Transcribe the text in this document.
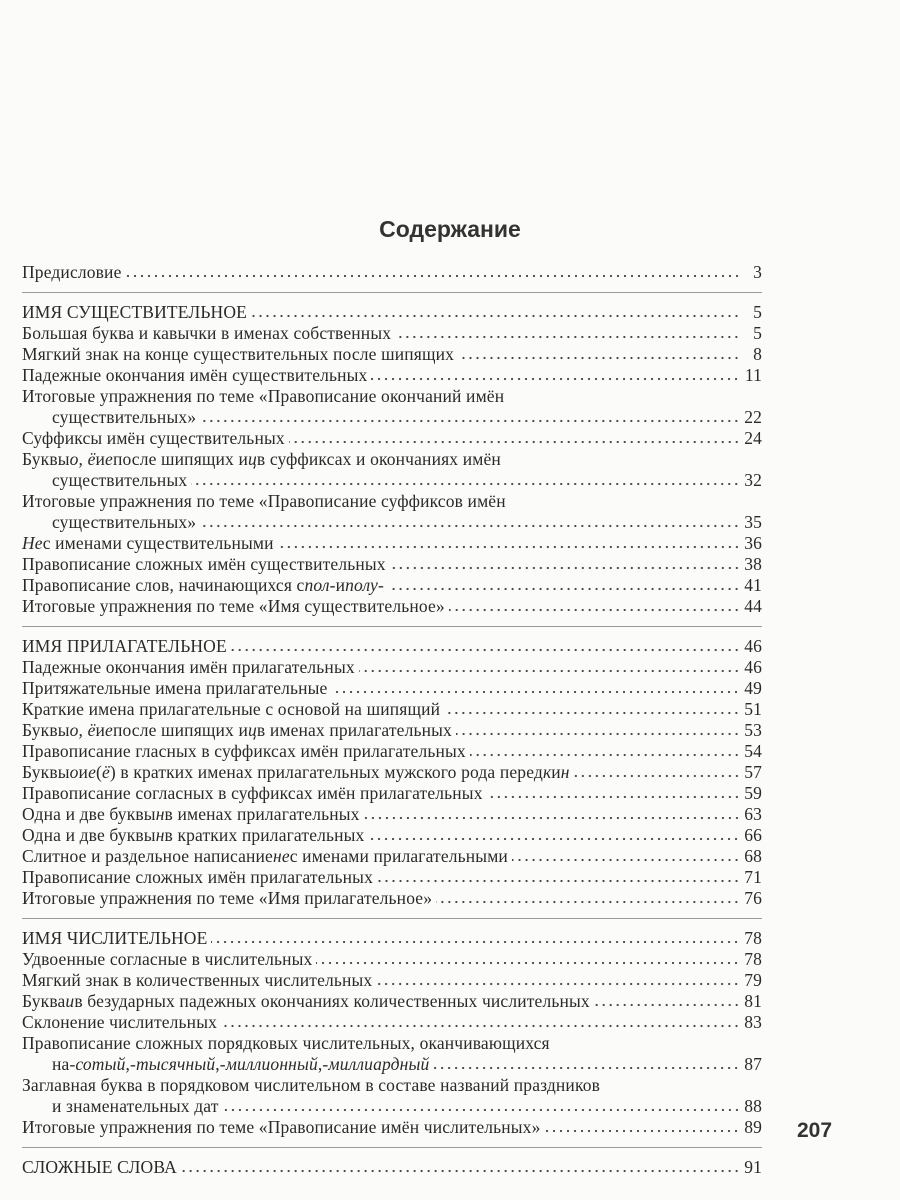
Содержание
Предисловие	3
ИМЯ СУЩЕСТВИТЕЛЬНОЕ	5
Большая буква и кавычки в именах собственных	5
Мягкий знак на конце существительных после шипящих	8
Падежные окончания имён существительных	11
Итоговые упражнения по теме «Правописание окончаний имён
существительных»	22
Суффиксы имён существительных	24
Буквы о, ё и е после шипящих и ц в суффиксах и окончаниях имён
существительных	32
Итоговые упражнения по теме «Правописание суффиксов имён
существительных»	35
Не с именами существительными	36
Правописание сложных имён существительных	38
Правописание слов, начинающихся с пол- и полу-	41
Итоговые упражнения по теме «Имя существительное»	44
ИМЯ ПРИЛАГАТЕЛЬНОЕ	46
Падежные окончания имён прилагательных	46
Притяжательные имена прилагательные	49
Краткие имена прилагательные с основой на шипящий	51
Буквы о, ё и е после шипящих и ц в именах прилагательных	53
Правописание гласных в суффиксах имён прилагательных	54
Буквы о и е ( ё ) в кратких именах прилагательных мужского рода перед к и н	57
Правописание согласных в суффиксах имён прилагательных	59
Одна и две буквы н в именах прилагательных	63
Одна и две буквы н в кратких прилагательных	66
Слитное и раздельное написание не с именами прилагательными	68
Правописание сложных имён прилагательных	71
Итоговые упражнения по теме «Имя прилагательное»	76
ИМЯ ЧИСЛИТЕЛЬНОЕ	78
Удвоенные согласные в числительных	78
Мягкий знак в количественных числительных	79
Буква и в безударных падежных окончаниях количественных числительных	81
Склонение числительных	83
Правописание сложных порядковых числительных, оканчивающихся
на -сотый , -тысячный , -миллионный , -миллиардный	87
Заглавная буква в порядковом числительном в составе названий праздников
и знаменательных дат	88
Итоговые упражнения по теме «Правописание имён числительных»	89
СЛОЖНЫЕ СЛОВА	91
207
